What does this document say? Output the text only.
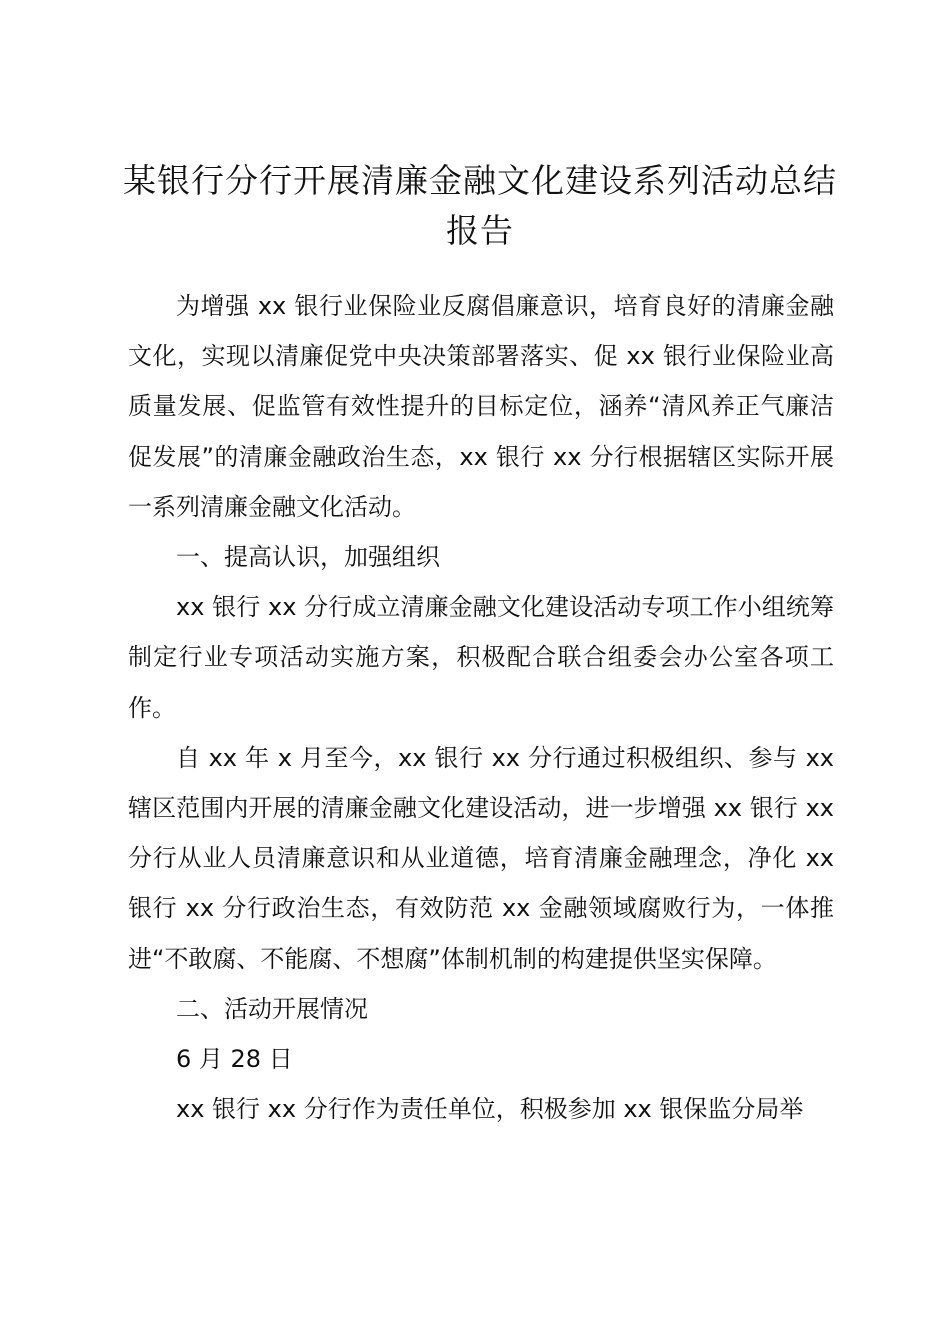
某银行分行开展清廉金融文化建设系列活动总结报告

为增强 xx 银行业保险业反腐倡廉意识，培育良好的清廉金融文化，实现以清廉促党中央决策部署落实、促 xx 银行业保险业高质量发展、促监管有效性提升的目标定位，涵养“清风养正气廉洁促发展”的清廉金融政治生态，xx 银行 xx 分行根据辖区实际开展一系列清廉金融文化活动。

一、提高认识，加强组织

xx 银行 xx 分行成立清廉金融文化建设活动专项工作小组统筹制定行业专项活动实施方案，积极配合联合组委会办公室各项工作。

自 xx 年 x 月至今，xx 银行 xx 分行通过积极组织、参与 xx 辖区范围内开展的清廉金融文化建设活动，进一步增强 xx 银行 xx 分行从业人员清廉意识和从业道德，培育清廉金融理念，净化 xx 银行 xx 分行政治生态，有效防范 xx 金融领域腐败行为，一体推进“不敢腐、不能腐、不想腐”体制机制的构建提供坚实保障。

二、活动开展情况

6 月 28 日

xx 银行 xx 分行作为责任单位，积极参加 xx 银保监分局举
